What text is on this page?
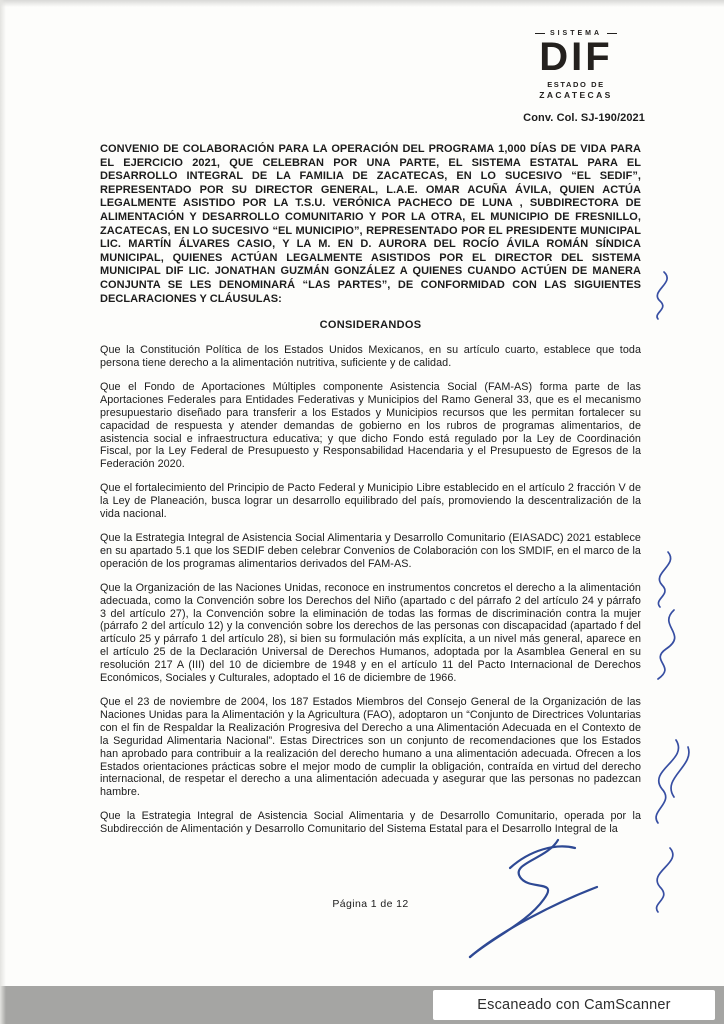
SISTEMA
DIF
ESTADO DE
ZACATECAS
Conv. Col. SJ-190/2021

CONVENIO DE COLABORACIÓN PARA LA OPERACIÓN DEL PROGRAMA 1,000 DÍAS DE VIDA PARA EL EJERCICIO 2021, QUE CELEBRAN POR UNA PARTE, EL SISTEMA ESTATAL PARA EL DESARROLLO INTEGRAL DE LA FAMILIA DE ZACATECAS, EN LO SUCESIVO “EL SEDIF”, REPRESENTADO POR SU DIRECTOR GENERAL, L.A.E. OMAR ACUÑA ÁVILA, QUIEN ACTÚA LEGALMENTE ASISTIDO POR LA T.S.U. VERÓNICA PACHECO DE LUNA , SUBDIRECTORA DE ALIMENTACIÓN Y DESARROLLO COMUNITARIO Y POR LA OTRA, EL MUNICIPIO DE FRESNILLO, ZACATECAS, EN LO SUCESIVO “EL MUNICIPIO”, REPRESENTADO POR EL PRESIDENTE MUNICIPAL LIC. MARTÍN ÁLVARES CASIO, Y LA M. EN D. AURORA DEL ROCÍO ÁVILA ROMÁN SÍNDICA MUNICIPAL, QUIENES ACTÚAN LEGALMENTE ASISTIDOS POR EL DIRECTOR DEL SISTEMA MUNICIPAL DIF LIC. JONATHAN GUZMÁN GONZÁLEZ A QUIENES CUANDO ACTÚEN DE MANERA CONJUNTA SE LES DENOMINARÁ “LAS PARTES”, DE CONFORMIDAD CON LAS SIGUIENTES DECLARACIONES Y CLÁUSULAS:

CONSIDERANDOS

Que la Constitución Política de los Estados Unidos Mexicanos, en su artículo cuarto, establece que toda persona tiene derecho a la alimentación nutritiva, suficiente y de calidad.

Que el Fondo de Aportaciones Múltiples componente Asistencia Social (FAM-AS) forma parte de las Aportaciones Federales para Entidades Federativas y Municipios del Ramo General 33, que es el mecanismo presupuestario diseñado para transferir a los Estados y Municipios recursos que les permitan fortalecer su capacidad de respuesta y atender demandas de gobierno en los rubros de programas alimentarios, de asistencia social e infraestructura educativa; y que dicho Fondo está regulado por la Ley de Coordinación Fiscal, por la Ley Federal de Presupuesto y Responsabilidad Hacendaria y el Presupuesto de Egresos de la Federación 2020.

Que el fortalecimiento del Principio de Pacto Federal y Municipio Libre establecido en el artículo 2 fracción V de la Ley de Planeación, busca lograr un desarrollo equilibrado del país, promoviendo la descentralización de la vida nacional.

Que la Estrategia Integral de Asistencia Social Alimentaria y Desarrollo Comunitario (EIASADC) 2021 establece en su apartado 5.1 que los SEDIF deben celebrar Convenios de Colaboración con los SMDIF, en el marco de la operación de los programas alimentarios derivados del FAM-AS.

Que la Organización de las Naciones Unidas, reconoce en instrumentos concretos el derecho a la alimentación adecuada, como la Convención sobre los Derechos del Niño (apartado c del párrafo 2 del artículo 24 y párrafo 3 del artículo 27), la Convención sobre la eliminación de todas las formas de discriminación contra la mujer (párrafo 2 del artículo 12) y la convención sobre los derechos de las personas con discapacidad (apartado f del artículo 25 y párrafo 1 del artículo 28), si bien su formulación más explícita, a un nivel más general, aparece en el artículo 25 de la Declaración Universal de Derechos Humanos, adoptada por la Asamblea General en su resolución 217 A (III) del 10 de diciembre de 1948 y en el artículo 11 del Pacto Internacional de Derechos Económicos, Sociales y Culturales, adoptado el 16 de diciembre de 1966.

Que el 23 de noviembre de 2004, los 187 Estados Miembros del Consejo General de la Organización de las Naciones Unidas para la Alimentación y la Agricultura (FAO), adoptaron un “Conjunto de Directrices Voluntarias con el fin de Respaldar la Realización Progresiva del Derecho a una Alimentación Adecuada en el Contexto de la Seguridad Alimentaria Nacional”. Estas Directrices son un conjunto de recomendaciones que los Estados han aprobado para contribuir a la realización del derecho humano a una alimentación adecuada. Ofrecen a los Estados orientaciones prácticas sobre el mejor modo de cumplir la obligación, contraída en virtud del derecho internacional, de respetar el derecho a una alimentación adecuada y asegurar que las personas no padezcan hambre.

Que la Estrategia Integral de Asistencia Social Alimentaria y de Desarrollo Comunitario, operada por la Subdirección de Alimentación y Desarrollo Comunitario del Sistema Estatal para el Desarrollo Integral de la

Página 1 de 12
Escaneado con CamScanner
